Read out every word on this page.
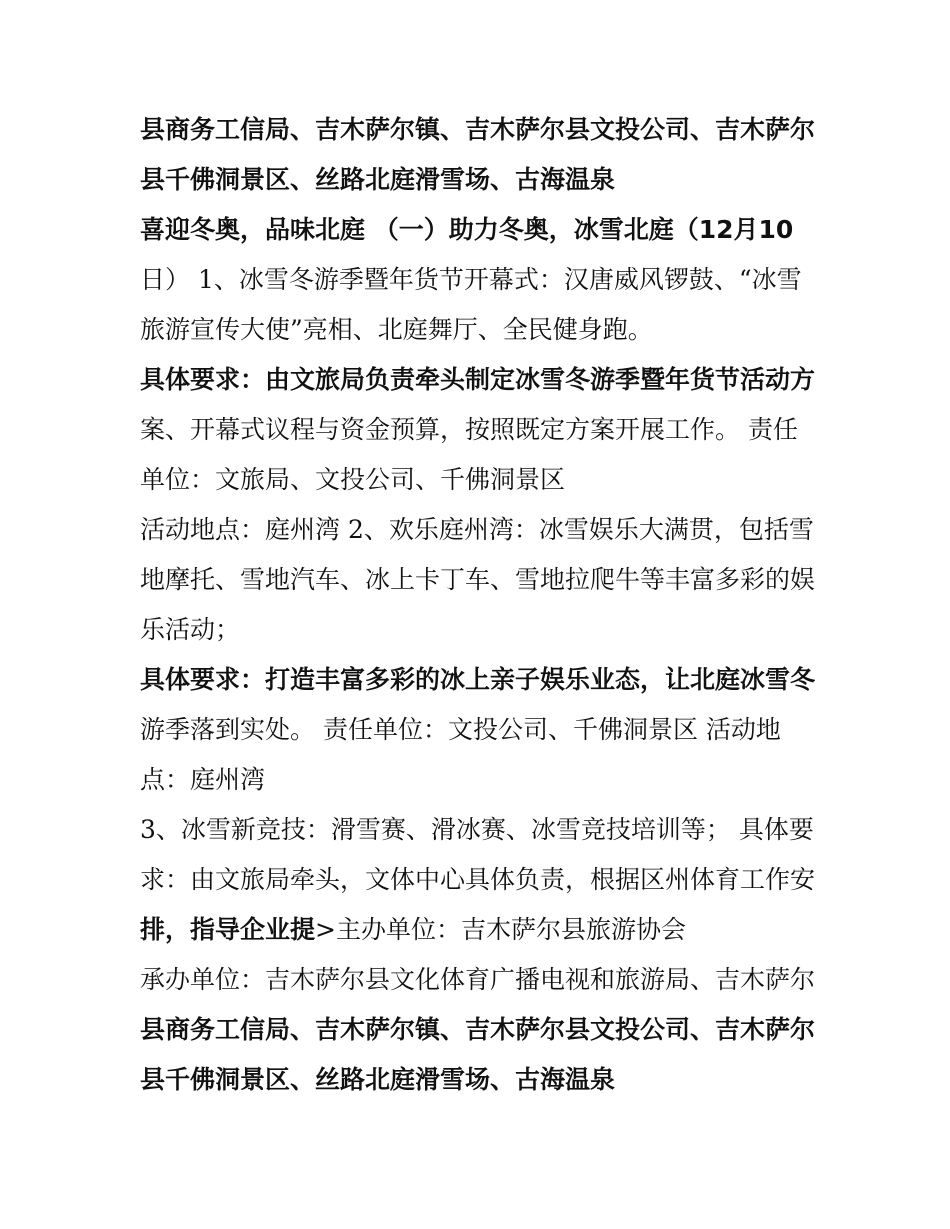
县商务工信局、吉木萨尔镇、吉木萨尔县文投公司、吉木萨尔
县千佛洞景区、丝路北庭滑雪场、古海温泉
喜迎冬奥，品味北庭 （一）助力冬奥，冰雪北庭（12月10
日） 1、冰雪冬游季暨年货节开幕式：汉唐威风锣鼓、“冰雪
旅游宣传大使”亮相、北庭舞厅、全民健身跑。
具体要求：由文旅局负责牵头制定冰雪冬游季暨年货节活动方
案、开幕式议程与资金预算，按照既定方案开展工作。 责任
单位：文旅局、文投公司、千佛洞景区
活动地点：庭州湾 2、欢乐庭州湾：冰雪娱乐大满贯，包括雪
地摩托、雪地汽车、冰上卡丁车、雪地拉爬牛等丰富多彩的娱
乐活动；
具体要求：打造丰富多彩的冰上亲子娱乐业态，让北庭冰雪冬
游季落到实处。 责任单位：文投公司、千佛洞景区 活动地
点：庭州湾
3、冰雪新竞技：滑雪赛、滑冰赛、冰雪竞技培训等； 具体要
求：由文旅局牵头，文体中心具体负责，根据区州体育工作安
排，指导企业提>主办单位：吉木萨尔县旅游协会
承办单位：吉木萨尔县文化体育广播电视和旅游局、吉木萨尔
县商务工信局、吉木萨尔镇、吉木萨尔县文投公司、吉木萨尔
县千佛洞景区、丝路北庭滑雪场、古海温泉
